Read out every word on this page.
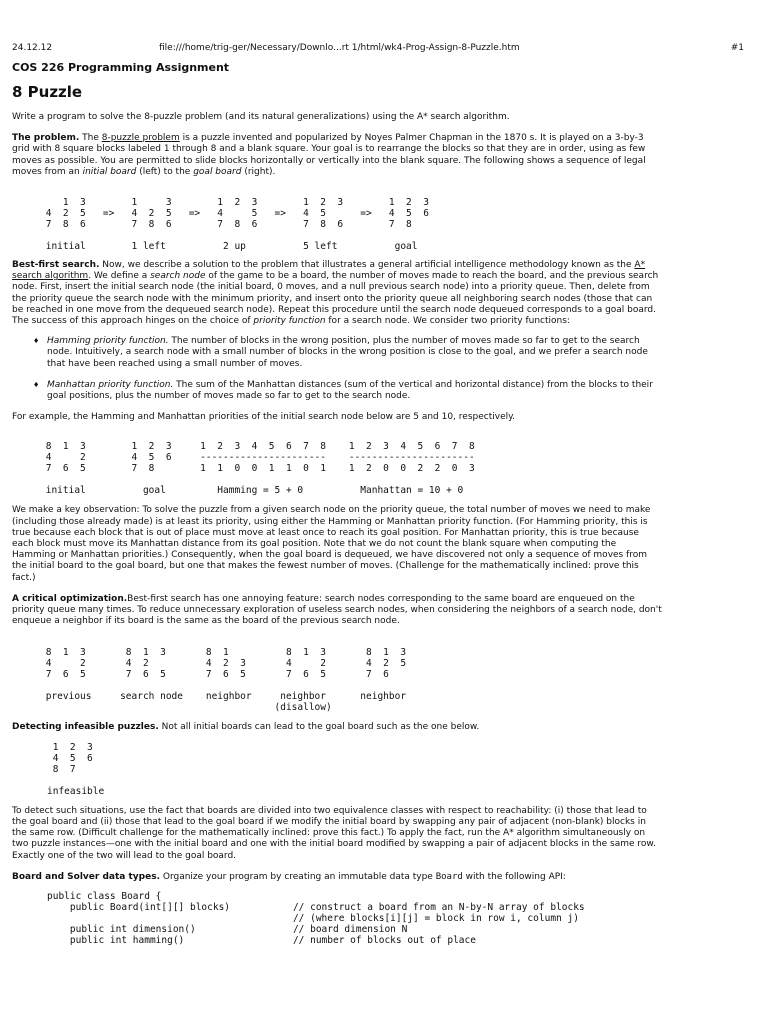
24.12.12	file:///home/trig-ger/Necessary/Downlo...rt 1/html/wk4-Prog-Assign-8-Puzzle.htm	#1
COS 226 Programming Assignment
8 Puzzle

Write a program to solve the 8-puzzle problem (and its natural generalizations) using the A* search algorithm.

The problem. The 8-puzzle problem is a puzzle invented and popularized by Noyes Palmer Chapman in the 1870 s. It is played on a 3-by-3 grid with 8 square blocks labeled 1 through 8 and a blank square. Your goal is to rearrange the blocks so that they are in order, using as few moves as possible. You are permitted to slide blocks horizontally or vertically into the blank square. The following shows a sequence of legal moves from an initial board (left) to the goal board (right).

1  3        1     3        1  2  3        1  2  3        1  2  3
4  2  5   =>   4  2  5   =>   4     5   =>   4  5      =>   4  5  6
7  8  6        7  8  6        7  8  6        7  8  6        7  8

initial        1 left          2 up          5 left          goal

Best-first search. Now, we describe a solution to the problem that illustrates a general artificial intelligence methodology known as the A* search algorithm. We define a search node of the game to be a board, the number of moves made to reach the board, and the previous search node. First, insert the initial search node (the initial board, 0 moves, and a null previous search node) into a priority queue. Then, delete from the priority queue the search node with the minimum priority, and insert onto the priority queue all neighboring search nodes (those that can be reached in one move from the dequeued search node). Repeat this procedure until the search node dequeued corresponds to a goal board. The success of this approach hinges on the choice of priority function for a search node. We consider two priority functions:

♦ Hamming priority function. The number of blocks in the wrong position, plus the number of moves made so far to get to the search node. Intuitively, a search node with a small number of blocks in the wrong position is close to the goal, and we prefer a search node that have been reached using a small number of moves.
♦ Manhattan priority function. The sum of the Manhattan distances (sum of the vertical and horizontal distance) from the blocks to their goal positions, plus the number of moves made so far to get to the search node.

For example, the Hamming and Manhattan priorities of the initial search node below are 5 and 10, respectively.

8  1  3        1  2  3     1  2  3  4  5  6  7  8    1  2  3  4  5  6  7  8
4     2        4  5  6     ----------------------    ----------------------
7  6  5        7  8        1  1  0  0  1  1  0  1    1  2  0  0  2  2  0  3

initial          goal         Hamming = 5 + 0          Manhattan = 10 + 0

We make a key observation: To solve the puzzle from a given search node on the priority queue, the total number of moves we need to make (including those already made) is at least its priority, using either the Hamming or Manhattan priority function. (For Hamming priority, this is true because each block that is out of place must move at least once to reach its goal position. For Manhattan priority, this is true because each block must move its Manhattan distance from its goal position. Note that we do not count the blank square when computing the Hamming or Manhattan priorities.) Consequently, when the goal board is dequeued, we have discovered not only a sequence of moves from the initial board to the goal board, but one that makes the fewest number of moves. (Challenge for the mathematically inclined: prove this fact.)

A critical optimization.Best-first search has one annoying feature: search nodes corresponding to the same board are enqueued on the priority queue many times. To reduce unnecessary exploration of useless search nodes, when considering the neighbors of a search node, don't enqueue a neighbor if its board is the same as the board of the previous search node.

8  1  3       8  1  3       8  1          8  1  3       8  1  3
4     2       4  2          4  2  3       4     2       4  2  5
7  6  5       7  6  5       7  6  5       7  6  5       7  6

previous     search node    neighbor     neighbor      neighbor
(disallow)

Detecting infeasible puzzles. Not all initial boards can lead to the goal board such as the one below.

1  2  3
4  5  6
8  7

infeasible

To detect such situations, use the fact that boards are divided into two equivalence classes with respect to reachability: (i) those that lead to the goal board and (ii) those that lead to the goal board if we modify the initial board by swapping any pair of adjacent (non-blank) blocks in the same row. (Difficult challenge for the mathematically inclined: prove this fact.) To apply the fact, run the A* algorithm simultaneously on two puzzle instances—one with the initial board and one with the initial board modified by swapping a pair of adjacent blocks in the same row. Exactly one of the two will lead to the goal board.

Board and Solver data types. Organize your program by creating an immutable data type Board with the following API:

public class Board {
public Board(int[][] blocks)           // construct a board from an N-by-N array of blocks
// (where blocks[i][j] = block in row i, column j)
public int dimension()                 // board dimension N
public int hamming()                   // number of blocks out of place
